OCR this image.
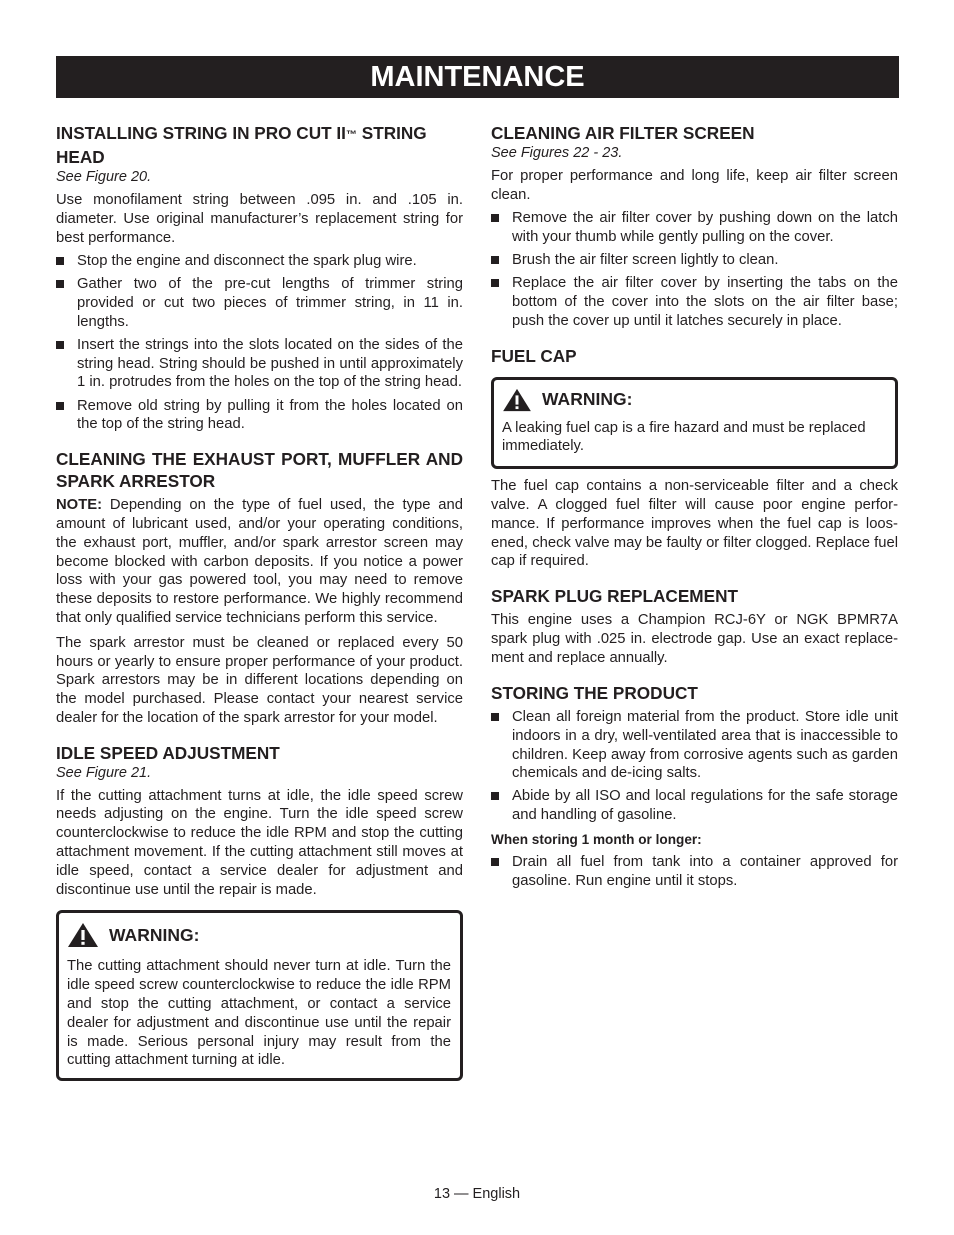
MAINTENANCE
INSTALLING STRING IN PRO CUT II™ STRING HEAD
See Figure 20.

Use monofilament string between .095 in. and .105 in. diameter. Use original manufacturer’s replacement string for best performance.

Stop the engine and disconnect the spark plug wire.
Gather two of the pre-cut lengths of trimmer string provided or cut two pieces of trimmer string, in 11 in. lengths.
Insert the strings into the slots located on the sides of the string head. String should be pushed in until approximately 1 in. protrudes from the holes on the top of the string head.
Remove old string by pulling it from the holes located on the top of the string head.
CLEANING THE EXHAUST PORT, MUFFLER AND SPARK ARRESTOR

NOTE: Depending on the type of fuel used, the type and amount of lubricant used, and/or your operating conditions, the exhaust port, muffler, and/or spark arrestor screen may become blocked with carbon deposits. If you notice a power loss with your gas powered tool, you may need to remove these deposits to restore performance. We highly recommend that only qualified service technicians perform this service.

The spark arrestor must be cleaned or replaced every 50 hours or yearly to ensure proper performance of your product. Spark arrestors may be in different locations depending on the model purchased. Please contact your nearest service dealer for the location of the spark arrestor for your model.

IDLE SPEED ADJUSTMENT
See Figure 21.

If the cutting attachment turns at idle, the idle speed screw needs adjusting on the engine. Turn the idle speed screw counterclockwise to reduce the idle RPM and stop the cutting attachment movement. If the cutting attachment still moves at idle speed, contact a service dealer for adjustment and discontinue use until the repair is made.

WARNING:

The cutting attachment should never turn at idle. Turn the idle speed screw counterclockwise to reduce the idle RPM and stop the cutting attachment, or contact a service dealer for adjustment and discontinue use until the repair is made. Serious personal injury may result from the cutting attachment turning at idle.

CLEANING AIR FILTER SCREEN
See Figures 22 - 23.

For proper performance and long life, keep air filter screen clean.

Remove the air filter cover by pushing down on the latch with your thumb while gently pulling on the cover.
Brush the air filter screen lightly to clean.
Replace the air filter cover by inserting the tabs on the bottom of the cover into the slots on the air filter base; push the cover up until it latches securely in place.
FUEL CAP
WARNING:

A leaking fuel cap is a fire hazard and must be replaced immediately.

The fuel cap contains a non-serviceable filter and a check valve. A clogged fuel filter will cause poor engine perfor-mance. If performance improves when the fuel cap is loos-ened, check valve may be faulty or filter clogged. Replace fuel cap if required.

SPARK PLUG REPLACEMENT

This engine uses a Champion RCJ-6Y or NGK BPMR7A spark plug with .025 in. electrode gap. Use an exact replace-ment and replace annually.

STORING THE PRODUCT
Clean all foreign material from the product. Store idle unit indoors in a dry, well-ventilated area that is inaccessible to children. Keep away from corrosive agents such as garden chemicals and de-icing salts.
Abide by all ISO and local regulations for the safe storage and handling of gasoline.
When storing 1 month or longer:
Drain all fuel from tank into a container approved for gasoline. Run engine until it stops.
13 — English
